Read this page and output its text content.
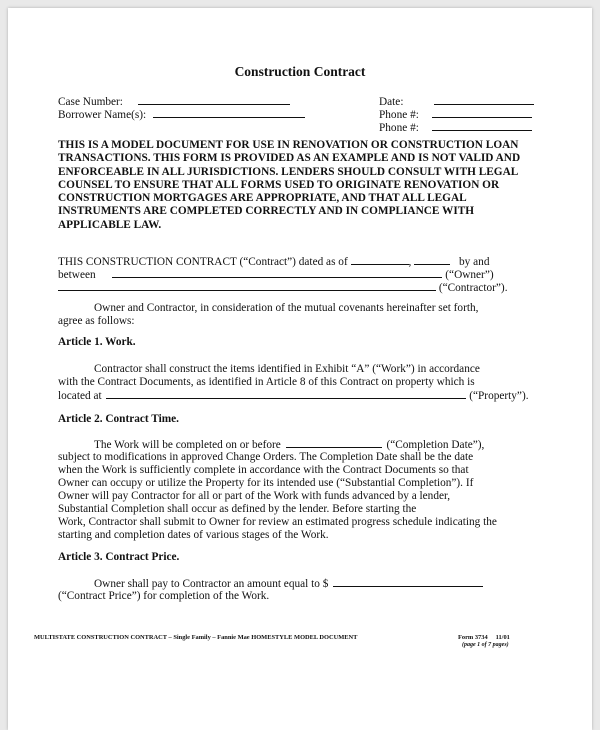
Construction Contract
Case Number:
Borrower Name(s):
Date:
Phone #:
Phone #:
THIS IS A MODEL DOCUMENT FOR USE IN RENOVATION OR CONSTRUCTION LOAN TRANSACTIONS. THIS FORM IS PROVIDED AS AN EXAMPLE AND IS NOT VALID AND ENFORCEABLE IN ALL JURISDICTIONS. LENDERS SHOULD CONSULT WITH LEGAL COUNSEL TO ENSURE THAT ALL FORMS USED TO ORIGINATE RENOVATION OR CONSTRUCTION MORTGAGES ARE APPROPRIATE, AND THAT ALL LEGAL INSTRUMENTS ARE COMPLETED CORRECTLY AND IN COMPLIANCE WITH APPLICABLE LAW.
THIS CONSTRUCTION CONTRACT (“Contract”) dated as of	,	by and
between	(“Owner”)
(“Contractor”).
Owner and Contractor, in consideration of the mutual covenants hereinafter set forth,
agree as follows:
Article 1. Work.
Contractor shall construct the items identified in Exhibit “A” (“Work”) in accordance
with the Contract Documents, as identified in Article 8 of this Contract on property which is
located at	(“Property”).
Article 2. Contract Time.
The Work will be completed on or before	(“Completion Date”),
subject to modifications in approved Change Orders. The Completion Date shall be the date
when the Work is sufficiently complete in accordance with the Contract Documents so that
Owner can occupy or utilize the Property for its intended use (“Substantial Completion”). If
Owner will pay Contractor for all or part of the Work with funds advanced by a lender,
Substantial Completion shall occur as defined by the lender. Before starting the
Work, Contractor shall submit to Owner for review an estimated progress schedule indicating the
starting and completion dates of various stages of the Work.
Article 3. Contract Price.
Owner shall pay to Contractor an amount equal to $
(“Contract Price”) for completion of the Work.
MULTISTATE CONSTRUCTION CONTRACT – Single Family – Fannie Mae HOMESTYLE MODEL DOCUMENT	Form 3734     11/01
(page 1 of 7 pages)
